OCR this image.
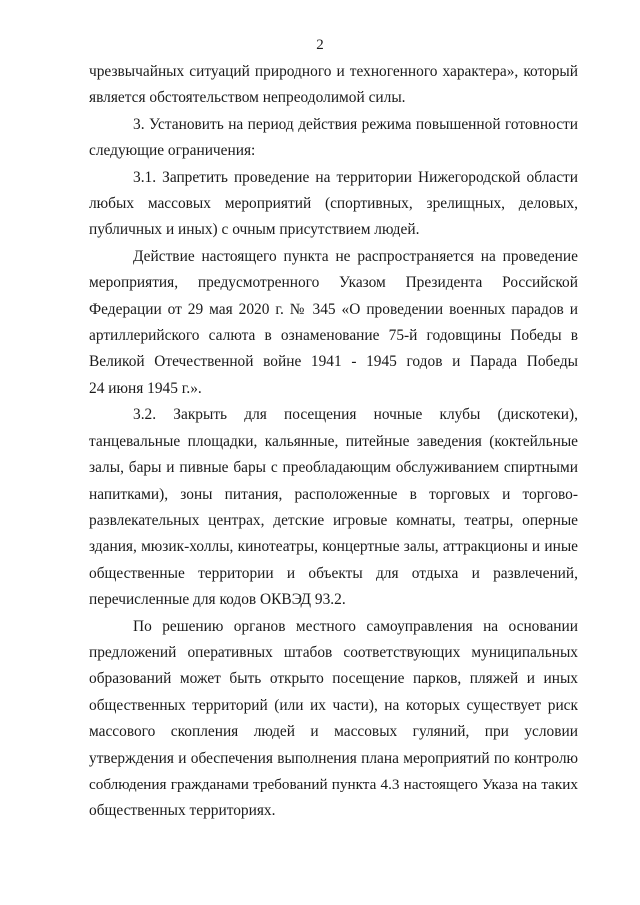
2

чрезвычайных ситуаций природного и техногенного характера», который
является обстоятельством непреодолимой силы.

3. Установить на период действия режима повышенной готовности
следующие ограничения:

3.1. Запретить проведение на территории Нижегородской области
любых массовых мероприятий (спортивных, зрелищных, деловых,
публичных и иных) с очным присутствием людей.

Действие настоящего пункта не распространяется на проведение
мероприятия, предусмотренного Указом Президента Российской
Федерации от 29 мая 2020 г. № 345 «О проведении военных парадов и
артиллерийского салюта в ознаменование 75-й годовщины Победы в
Великой Отечественной войне 1941 - 1945 годов и Парада Победы
24 июня 1945 г.».

3.2. Закрыть для посещения ночные клубы (дискотеки),
танцевальные площадки, кальянные, питейные заведения (коктейльные
залы, бары и пивные бары с преобладающим обслуживанием спиртными
напитками), зоны питания, расположенные в торговых и торгово-
развлекательных центрах, детские игровые комнаты, театры, оперные
здания, мюзик-холлы, кинотеатры, концертные залы, аттракционы и иные
общественные территории и объекты для отдыха и развлечений,
перечисленные для кодов ОКВЭД 93.2.

По решению органов местного самоуправления на основании
предложений оперативных штабов соответствующих муниципальных
образований может быть открыто посещение парков, пляжей и иных
общественных территорий (или их части), на которых существует риск
массового скопления людей и массовых гуляний, при условии
утверждения и обеспечения выполнения плана мероприятий по контролю
соблюдения гражданами требований пункта 4.3 настоящего Указа на таких
общественных территориях.
